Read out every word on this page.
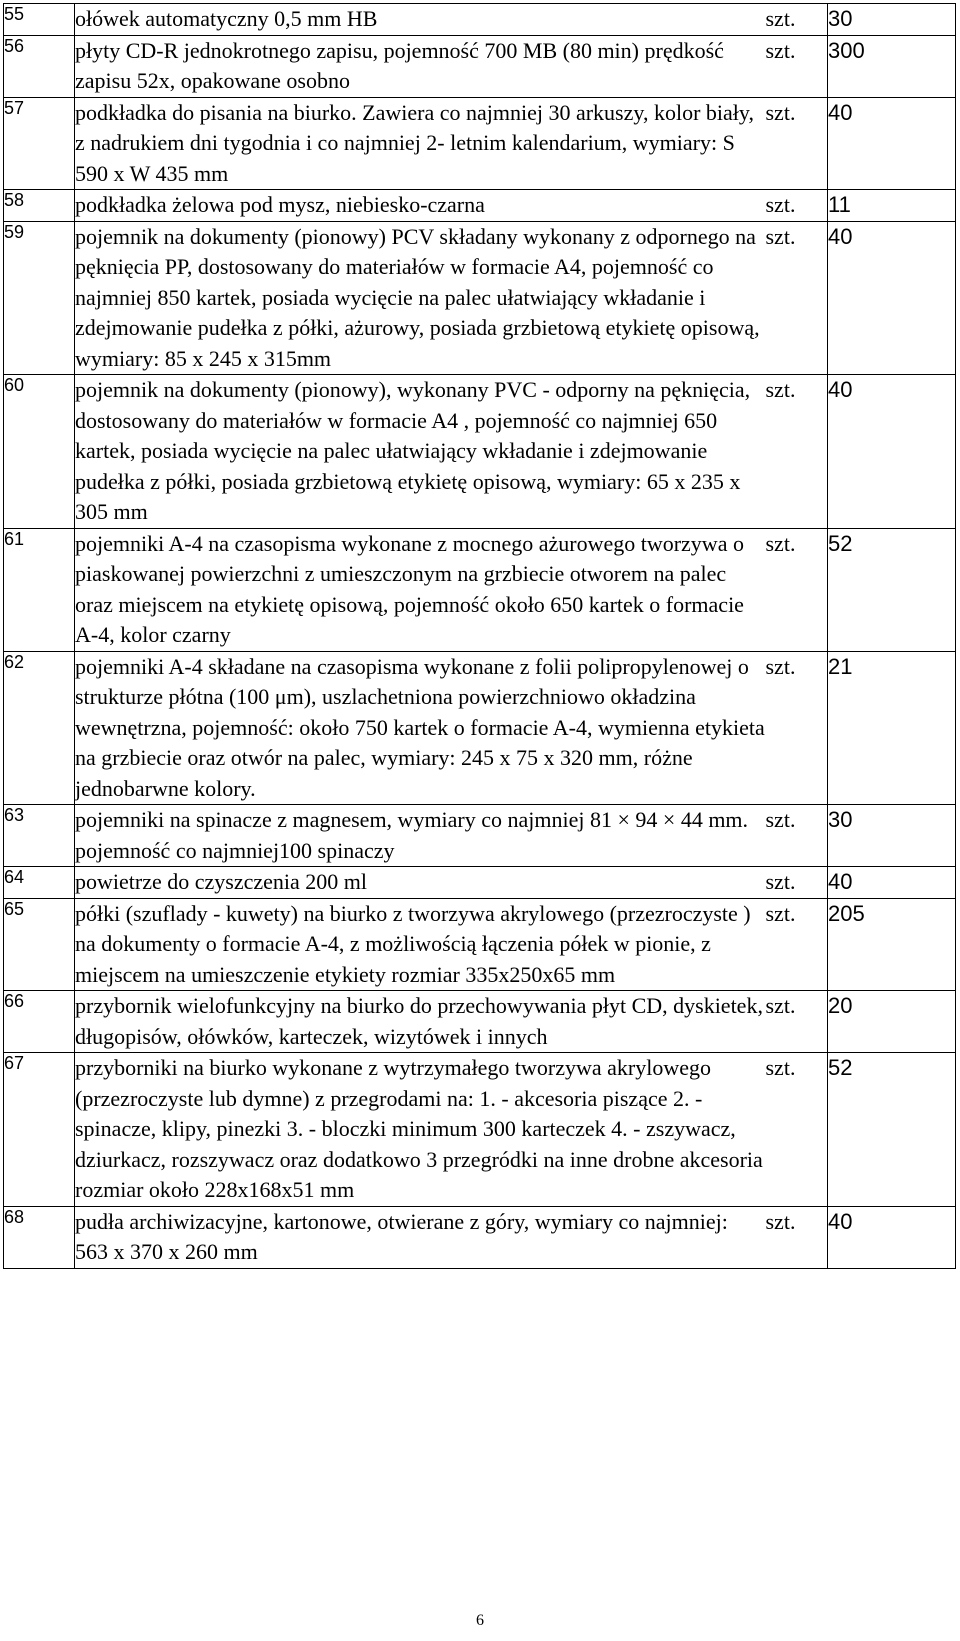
55	ołówek automatyczny 0,5 mm HB	szt.	30

56	płyty CD-R jednokrotnego zapisu, pojemność 700 MB (80 min) prędkość zapisu 52x, opakowane osobno	szt.	300

57	podkładka do pisania na biurko. Zawiera co najmniej 30 arkuszy, kolor biały, z nadrukiem dni tygodnia i co najmniej 2- letnim kalendarium, wymiary: S 590 x W 435 mm	szt.	40

58	podkładka żelowa pod mysz, niebiesko-czarna	szt.	11

59	pojemnik na dokumenty (pionowy) PCV składany wykonany z odpornego na pęknięcia PP, dostosowany do materiałów w formacie A4, pojemność co najmniej 850 kartek, posiada wycięcie na palec ułatwiający wkładanie i zdejmowanie pudełka z półki, ażurowy, posiada grzbietową etykietę opisową, wymiary: 85 x 245 x 315mm	szt.	40

60	pojemnik na dokumenty (pionowy), wykonany PVC - odporny na pęknięcia, dostosowany do materiałów w formacie A4 , pojemność co najmniej 650 kartek, posiada wycięcie na palec ułatwiający wkładanie i zdejmowanie pudełka z półki, posiada grzbietową etykietę opisową, wymiary: 65 x 235 x 305 mm	szt.	40

61	pojemniki A-4 na czasopisma wykonane z mocnego ażurowego tworzywa o piaskowanej powierzchni z umieszczonym na grzbiecie otworem na palec oraz miejscem na etykietę opisową, pojemność około 650 kartek o formacie A-4, kolor czarny	szt.	52

62	pojemniki A-4 składane na czasopisma wykonane z folii polipropylenowej o strukturze płótna (100 μm), uszlachetniona powierzchniowo okładzina wewnętrzna, pojemność: około 750 kartek o formacie A-4, wymienna etykieta na grzbiecie oraz otwór na palec, wymiary: 245 x 75 x 320 mm, różne jednobarwne kolory.	szt.	21

63	pojemniki na spinacze z magnesem, wymiary co najmniej 81 × 94 × 44 mm. pojemność co najmniej100 spinaczy	szt.	30

64	powietrze do czyszczenia 200 ml	szt.	40

65	półki (szuflady - kuwety) na biurko z tworzywa akrylowego (przezroczyste ) na dokumenty o formacie A-4, z możliwością łączenia półek w pionie, z miejscem na umieszczenie etykiety rozmiar 335x250x65 mm	szt.	205

66	przybornik wielofunkcyjny na biurko do przechowywania płyt CD, dyskietek, długopisów, ołówków, karteczek, wizytówek i innych	szt.	20

67	przyborniki na biurko wykonane z wytrzymałego tworzywa akrylowego (przezroczyste lub dymne) z przegrodami na: 1. - akcesoria piszące 2. - spinacze, klipy, pinezki 3. - bloczki minimum 300 karteczek 4. - zszywacz, dziurkacz, rozszywacz oraz dodatkowo 3 przegródki na inne drobne akcesoria rozmiar około 228x168x51 mm	szt.	52

68	pudła archiwizacyjne, kartonowe, otwierane z góry, wymiary co najmniej: 563 x 370 x 260 mm	szt.	40
6
